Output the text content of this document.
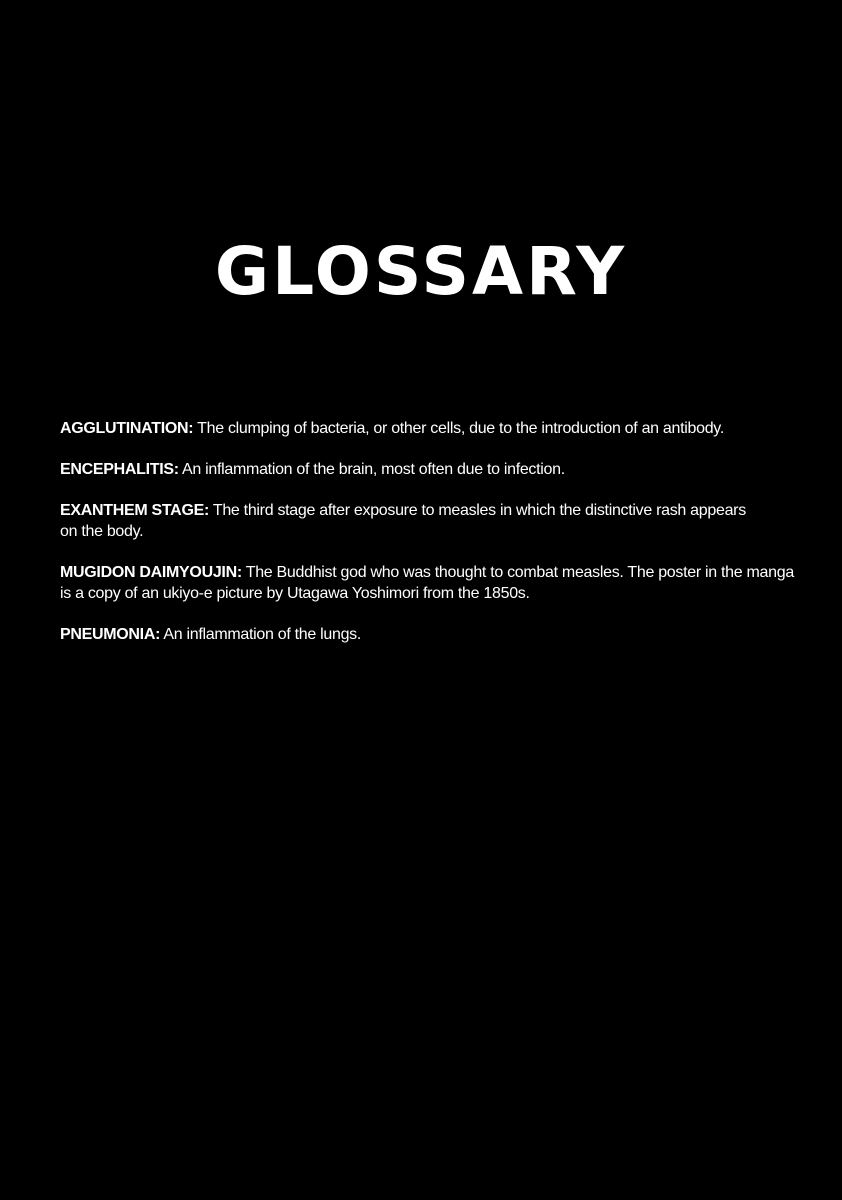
GLOSSARY

AGGLUTINATION: The clumping of bacteria, or other cells, due to the introduction of an antibody.

ENCEPHALITIS: An inflammation of the brain, most often due to infection.

EXANTHEM STAGE: The third stage after exposure to measles in which the distinctive rash appears
on the body.

MUGIDON DAIMYOUJIN: The Buddhist god who was thought to combat measles. The poster in the manga
is a copy of an ukiyo-e picture by Utagawa Yoshimori from the 1850s.

PNEUMONIA: An inflammation of the lungs.
